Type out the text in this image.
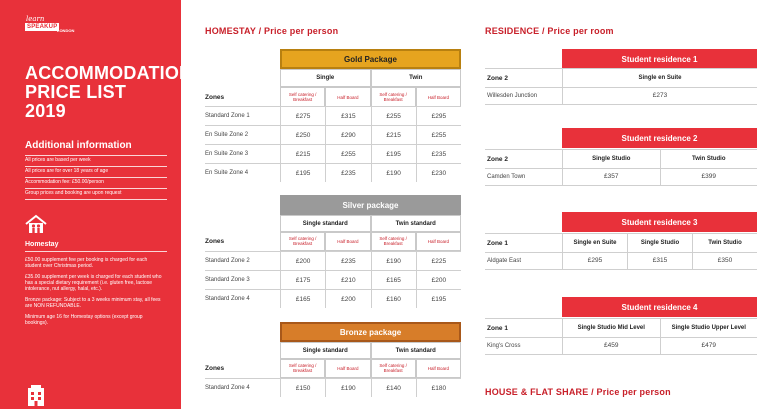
learn
SPEAKUP
LONDON
ACCOMMODATION
PRICE LIST
2019
Additional information
All prices are based per week
All prices are for over 18 years of age
Accommodation fee: £50.00/person
Group prices and booking are upon request
Homestay

£50.00 supplement fee per booking is charged for each student over Christmas period.

£35.00 supplement per week is charged for each student who has a special dietary requirement (i.e. gluten free, lactose intolerance, nut allergy, halal, etc.).

Bronze package: Subject to a 3 weeks minimum stay, all fees are NON REFUNDABLE.

Minimum age 16 for Homestay options (except group bookings).

HOMESTAY / Price per person
Gold Package
Single	Twin
Zones	Self catering / Breakfast	Half Board	Self catering / Breakfast	Half Board
Standard Zone 1	£275	£315	£255	£295
En Suite Zone 2	£250	£290	£215	£255
En Suite Zone 3	£215	£255	£195	£235
En Suite Zone 4	£195	£235	£190	£230
Silver package
Single standard	Twin standard
Zones	Self catering / Breakfast	Half Board	Self catering / Breakfast	Half Board
Standard Zone 2	£200	£235	£190	£225
Standard Zone 3	£175	£210	£165	£200
Standard Zone 4	£165	£200	£160	£195
Bronze package
Single standard	Twin standard
Zones	Self catering / Breakfast	Half Board	Self catering / Breakfast	Half Board
Standard Zone 4	£150	£190	£140	£180
RESIDENCE / Price per room
Student residence 1
Zone 2	Single en Suite
Willesden Junction	£273
Student residence 2
Zone 2	Single Studio	Twin Studio
Camden Town	£357	£399
Student residence 3
Zone 1	Single en Suite	Single Studio	Twin Studio
Aldgate East	£295	£315	£350
Student residence 4
Zone 1	Single Studio Mid Level	Single Studio Upper Level
King's Cross	£459	£479
HOUSE & FLAT SHARE / Price per person
